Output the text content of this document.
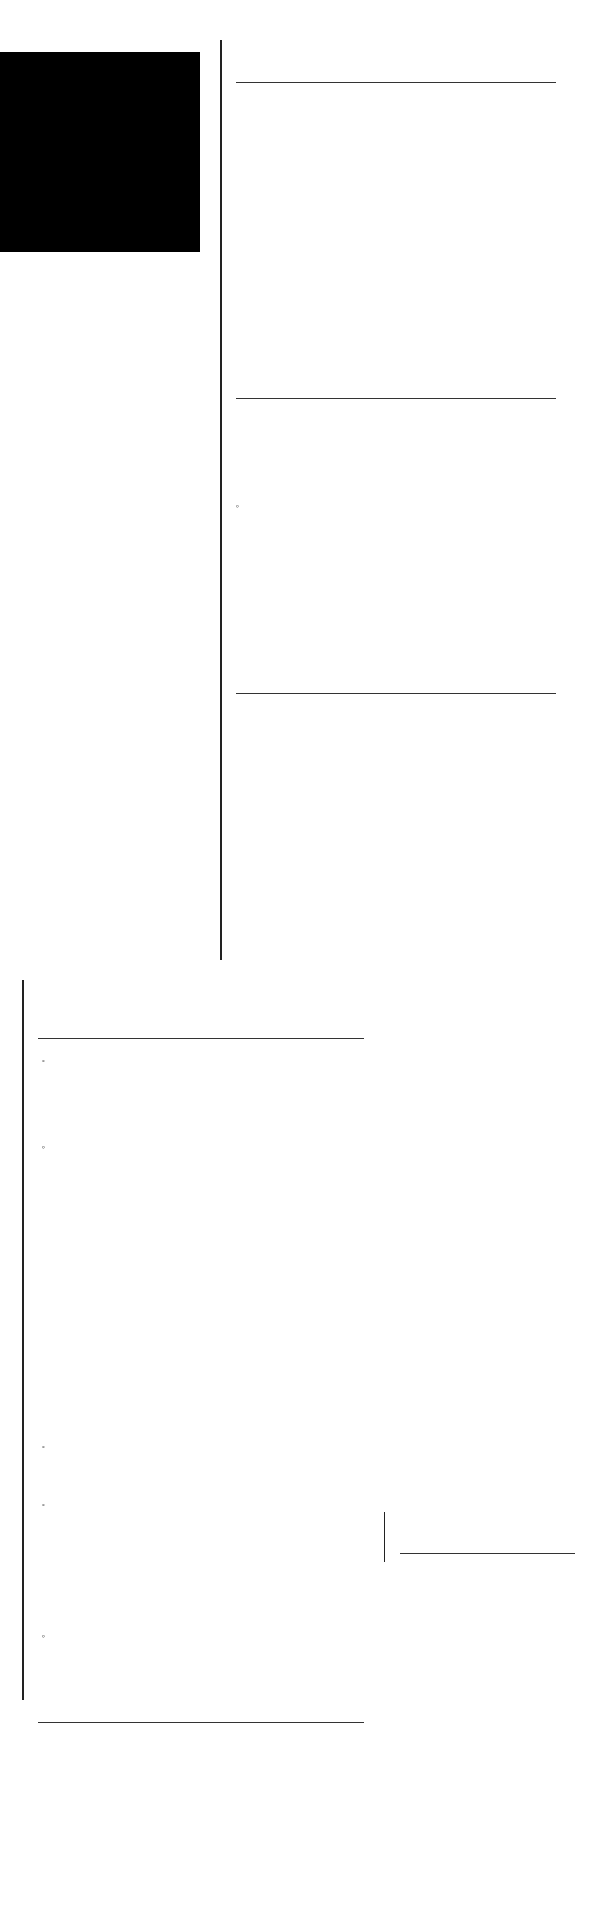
°
°
°
°
°
°
